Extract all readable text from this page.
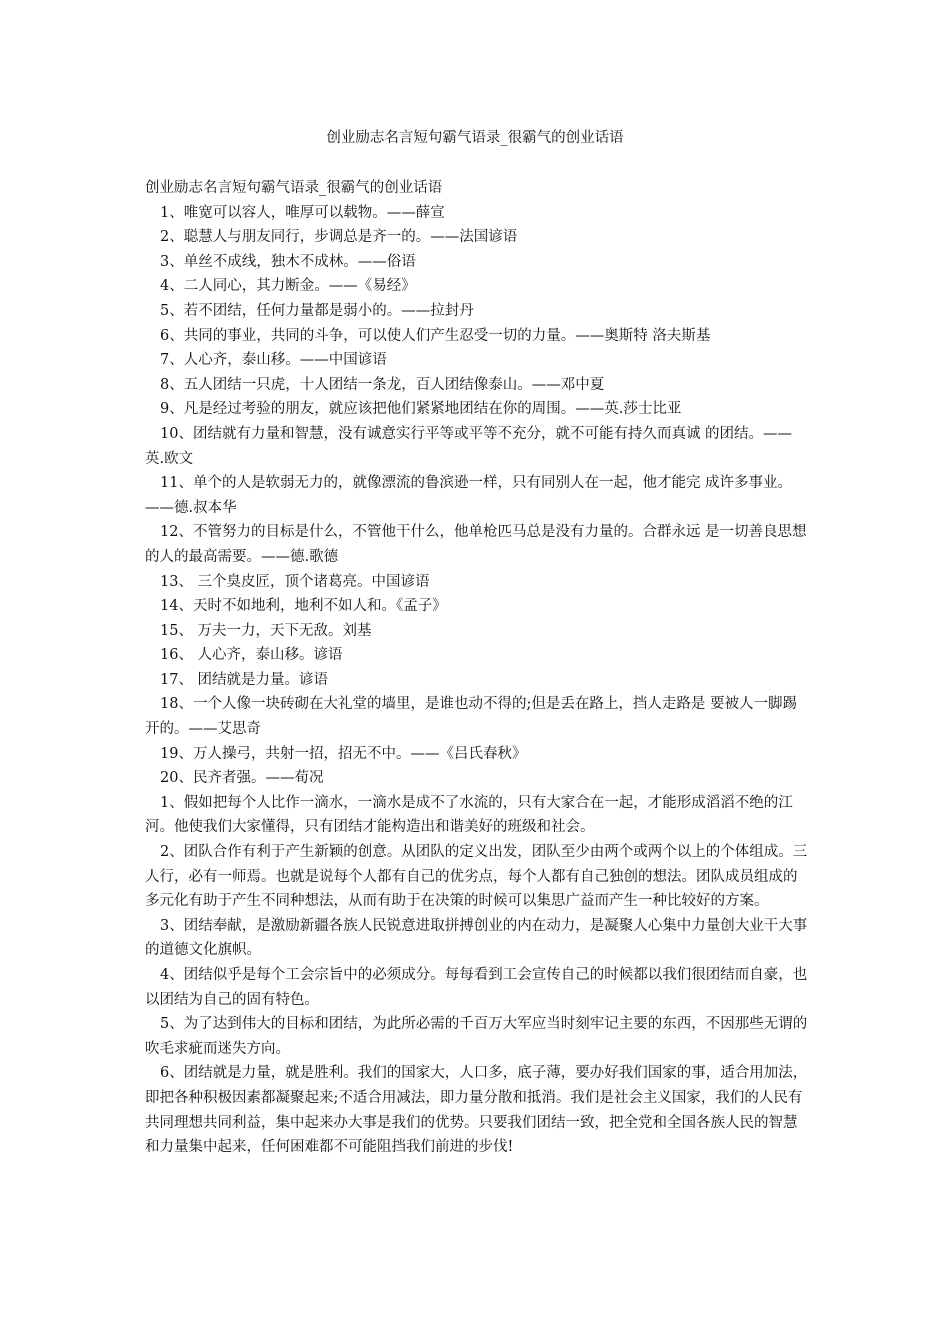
创业励志名言短句霸气语录_很霸气的创业话语

创业励志名言短句霸气语录_很霸气的创业话语

1、唯宽可以容人，唯厚可以载物。——薛宣

2、聪慧人与朋友同行，步调总是齐一的。——法国谚语

3、单丝不成线，独木不成林。——俗语

4、二人同心，其力断金。——《易经》

5、若不团结，任何力量都是弱小的。——拉封丹

6、共同的事业，共同的斗争，可以使人们产生忍受一切的力量。——奥斯特 洛夫斯基

7、人心齐，泰山移。——中国谚语

8、五人团结一只虎，十人团结一条龙，百人团结像泰山。——邓中夏

9、凡是经过考验的朋友，就应该把他们紧紧地团结在你的周围。——英.莎士比亚

10、团结就有力量和智慧，没有诚意实行平等或平等不充分，就不可能有持久而真诚 的团结。——英.欧文

11、单个的人是软弱无力的，就像漂流的鲁滨逊一样，只有同别人在一起，他才能完 成许多事业。——德.叔本华

12、不管努力的目标是什么，不管他干什么，他单枪匹马总是没有力量的。合群永远 是一切善良思想的人的最高需要。——德.歌德

13、 三个臭皮匠，顶个诸葛亮。中国谚语

14、天时不如地利，地利不如人和。《孟子》

15、 万夫一力，天下无敌。刘基

16、 人心齐，泰山移。谚语

17、 团结就是力量。谚语

18、一个人像一块砖砌在大礼堂的墙里，是谁也动不得的;但是丢在路上，挡人走路是 要被人一脚踢开的。——艾思奇

19、万人操弓，共射一招，招无不中。——《吕氏春秋》

20、民齐者强。——荀况

1、假如把每个人比作一滴水，一滴水是成不了水流的，只有大家合在一起，才能形成滔滔不绝的江河。他使我们大家懂得，只有团结才能构造出和谐美好的班级和社会。

2、团队合作有利于产生新颖的创意。从团队的定义出发，团队至少由两个或两个以上的个体组成。三人行，必有一师焉。也就是说每个人都有自己的优劣点，每个人都有自己独创的想法。团队成员组成的多元化有助于产生不同种想法，从而有助于在决策的时候可以集思广益而产生一种比较好的方案。

3、团结奉献，是激励新疆各族人民锐意进取拼搏创业的内在动力，是凝聚人心集中力量创大业干大事的道德文化旗帜。

4、团结似乎是每个工会宗旨中的必须成分。每每看到工会宣传自己的时候都以我们很团结而自豪，也以团结为自己的固有特色。

5、为了达到伟大的目标和团结，为此所必需的千百万大军应当时刻牢记主要的东西，不因那些无谓的吹毛求疵而迷失方向。

6、团结就是力量，就是胜利。我们的国家大，人口多，底子薄，要办好我们国家的事，适合用加法，即把各种积极因素都凝聚起来;不适合用减法，即力量分散和抵消。我们是社会主义国家，我们的人民有共同理想共同利益，集中起来办大事是我们的优势。只要我们团结一致，把全党和全国各族人民的智慧和力量集中起来，任何困难都不可能阻挡我们前进的步伐!
